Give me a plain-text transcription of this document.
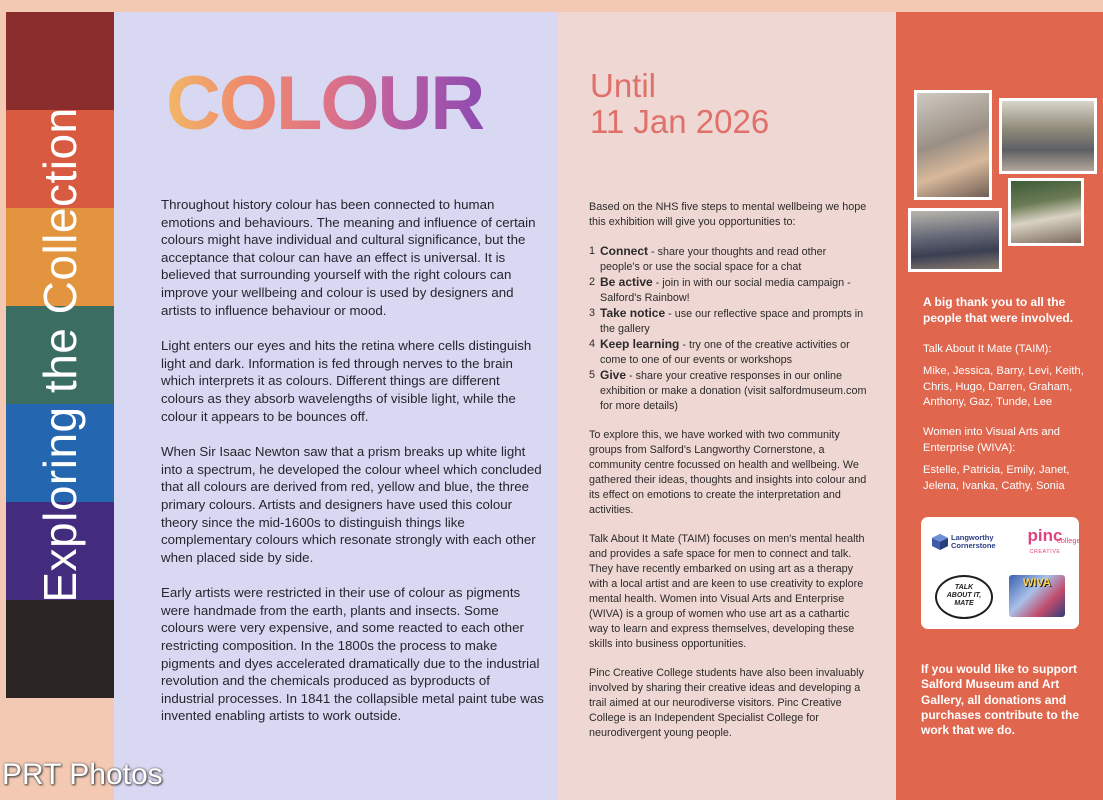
Exploring the Collection
COLOUR

Throughout history colour has been connected to human emotions and behaviours. The meaning and influence of certain colours might have individual and cultural significance, but the acceptance that colour can have an effect is universal. It is believed that surrounding yourself with the right colours can improve your wellbeing and colour is used by designers and artists to influence behaviour or mood.

Light enters our eyes and hits the retina where cells distinguish light and dark. Information is fed through nerves to the brain which interprets it as colours. Different things are different colours as they absorb wavelengths of visible light, while the colour it appears to be bounces off.

When Sir Isaac Newton saw that a prism breaks up white light into a spectrum, he developed the colour wheel which concluded that all colours are derived from red, yellow and blue, the three primary colours. Artists and designers have used this colour theory since the mid-1600s to distinguish things like complementary colours which resonate strongly with each other when placed side by side.

Early artists were restricted in their use of colour as pigments were handmade from the earth, plants and insects. Some colours were very expensive, and some reacted to each other restricting composition. In the 1800s the process to make pigments and dyes accelerated dramatically due to the industrial revolution and the chemicals produced as byproducts of industrial processes. In 1841 the collapsible metal paint tube was invented enabling artists to work outside.

Until
11 Jan 2026

Based on the NHS five steps to mental wellbeing we hope this exhibition will give you opportunities to:

1 Connect - share your thoughts and read other people's or use the social space for a chat
2 Be active - join in with our social media campaign - Salford's Rainbow!
3 Take notice - use our reflective space and prompts in the gallery
4 Keep learning - try one of the creative activities or come to one of our events or workshops
5 Give - share your creative responses in our online exhibition or make a donation (visit salfordmuseum.com for more details)

To explore this, we have worked with two community groups from Salford's Langworthy Cornerstone, a community centre focussed on health and wellbeing. We gathered their ideas, thoughts and insights into colour and its effect on emotions to create the interpretation and activities.

Talk About It Mate (TAIM) focuses on men's mental health and provides a safe space for men to connect and talk. They have recently embarked on using art as a therapy with a local artist and are keen to use creativity to explore mental health. Women into Visual Arts and Enterprise (WIVA) is a group of women who use art as a cathartic way to learn and express themselves, developing these skills into business opportunities.

Pinc Creative College students have also been invaluably involved by sharing their creative ideas and developing a trail aimed at our neurodiverse visitors. Pinc Creative College is an Independent Specialist College for neurodivergent young people.

A big thank you to all the people that were involved.
Talk About It Mate (TAIM):
Mike, Jessica, Barry, Levi, Keith, Chris, Hugo, Darren, Graham, Anthony, Gaz, Tunde, Lee
Women into Visual Arts and Enterprise (WIVA):
Estelle, Patricia, Emily, Janet, Jelena, Ivanka, Cathy, Sonia
Langworthy
Cornerstone
pinc
college
CREATIVE
TALK
ABOUT IT,
MATE
WIVA
If you would like to support Salford Museum and Art Gallery, all donations and purchases contribute to the work that we do.
PRT Photos
